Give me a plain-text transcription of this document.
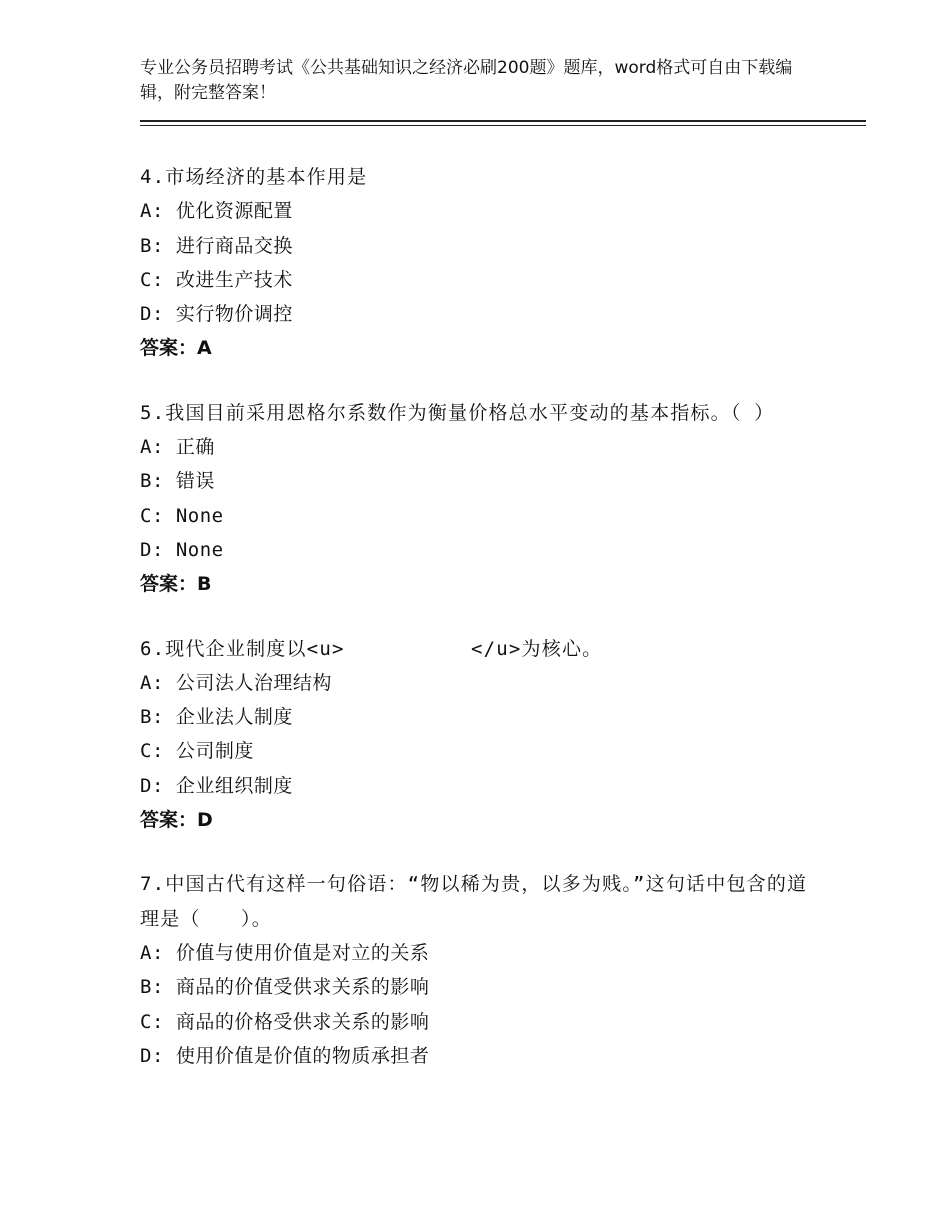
专业公务员招聘考试《公共基础知识之经济必刷200题》题库，word格式可自由下载编辑，附完整答案！
4.市场经济的基本作用是
A: 优化资源配置
B: 进行商品交换
C: 改进生产技术
D: 实行物价调控
答案：A
5.我国目前采用恩格尔系数作为衡量价格总水平变动的基本指标。（ ）
A: 正确
B: 错误
C: None
D: None
答案：B
6.现代企业制度以<u>          </u>为核心。
A: 公司法人治理结构
B: 企业法人制度
C: 公司制度
D: 企业组织制度
答案：D
7.中国古代有这样一句俗语：“物以稀为贵，以多为贱。”这句话中包含的道理是（　　）。
A: 价值与使用价值是对立的关系
B: 商品的价值受供求关系的影响
C: 商品的价格受供求关系的影响
D: 使用价值是价值的物质承担者
